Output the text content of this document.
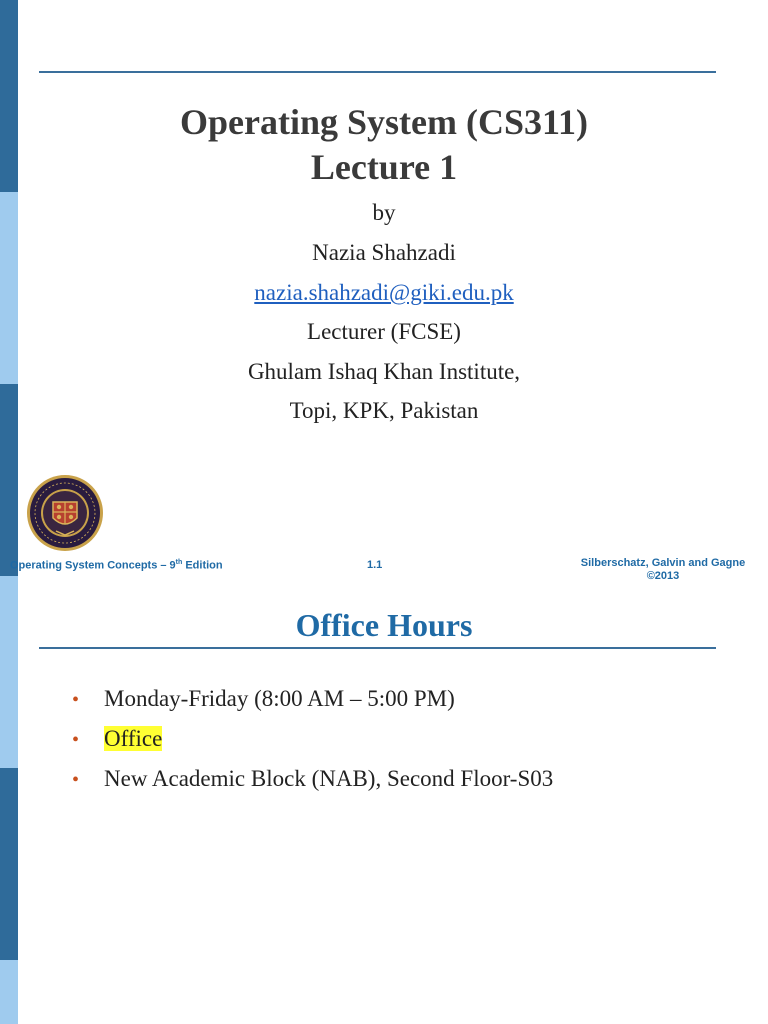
Operating System (CS311)
Lecture 1
by
Nazia Shahzadi
nazia.shahzadi@giki.edu.pk
Lecturer (FCSE)
Ghulam Ishaq Khan Institute,
Topi, KPK, Pakistan
Operating System Concepts – 9th Edition	1.1	Silberschatz, Galvin and Gagne
©2013
Office Hours
• Monday-Friday (8:00 AM – 5:00 PM)
• Office
• New Academic Block (NAB), Second Floor-S03
